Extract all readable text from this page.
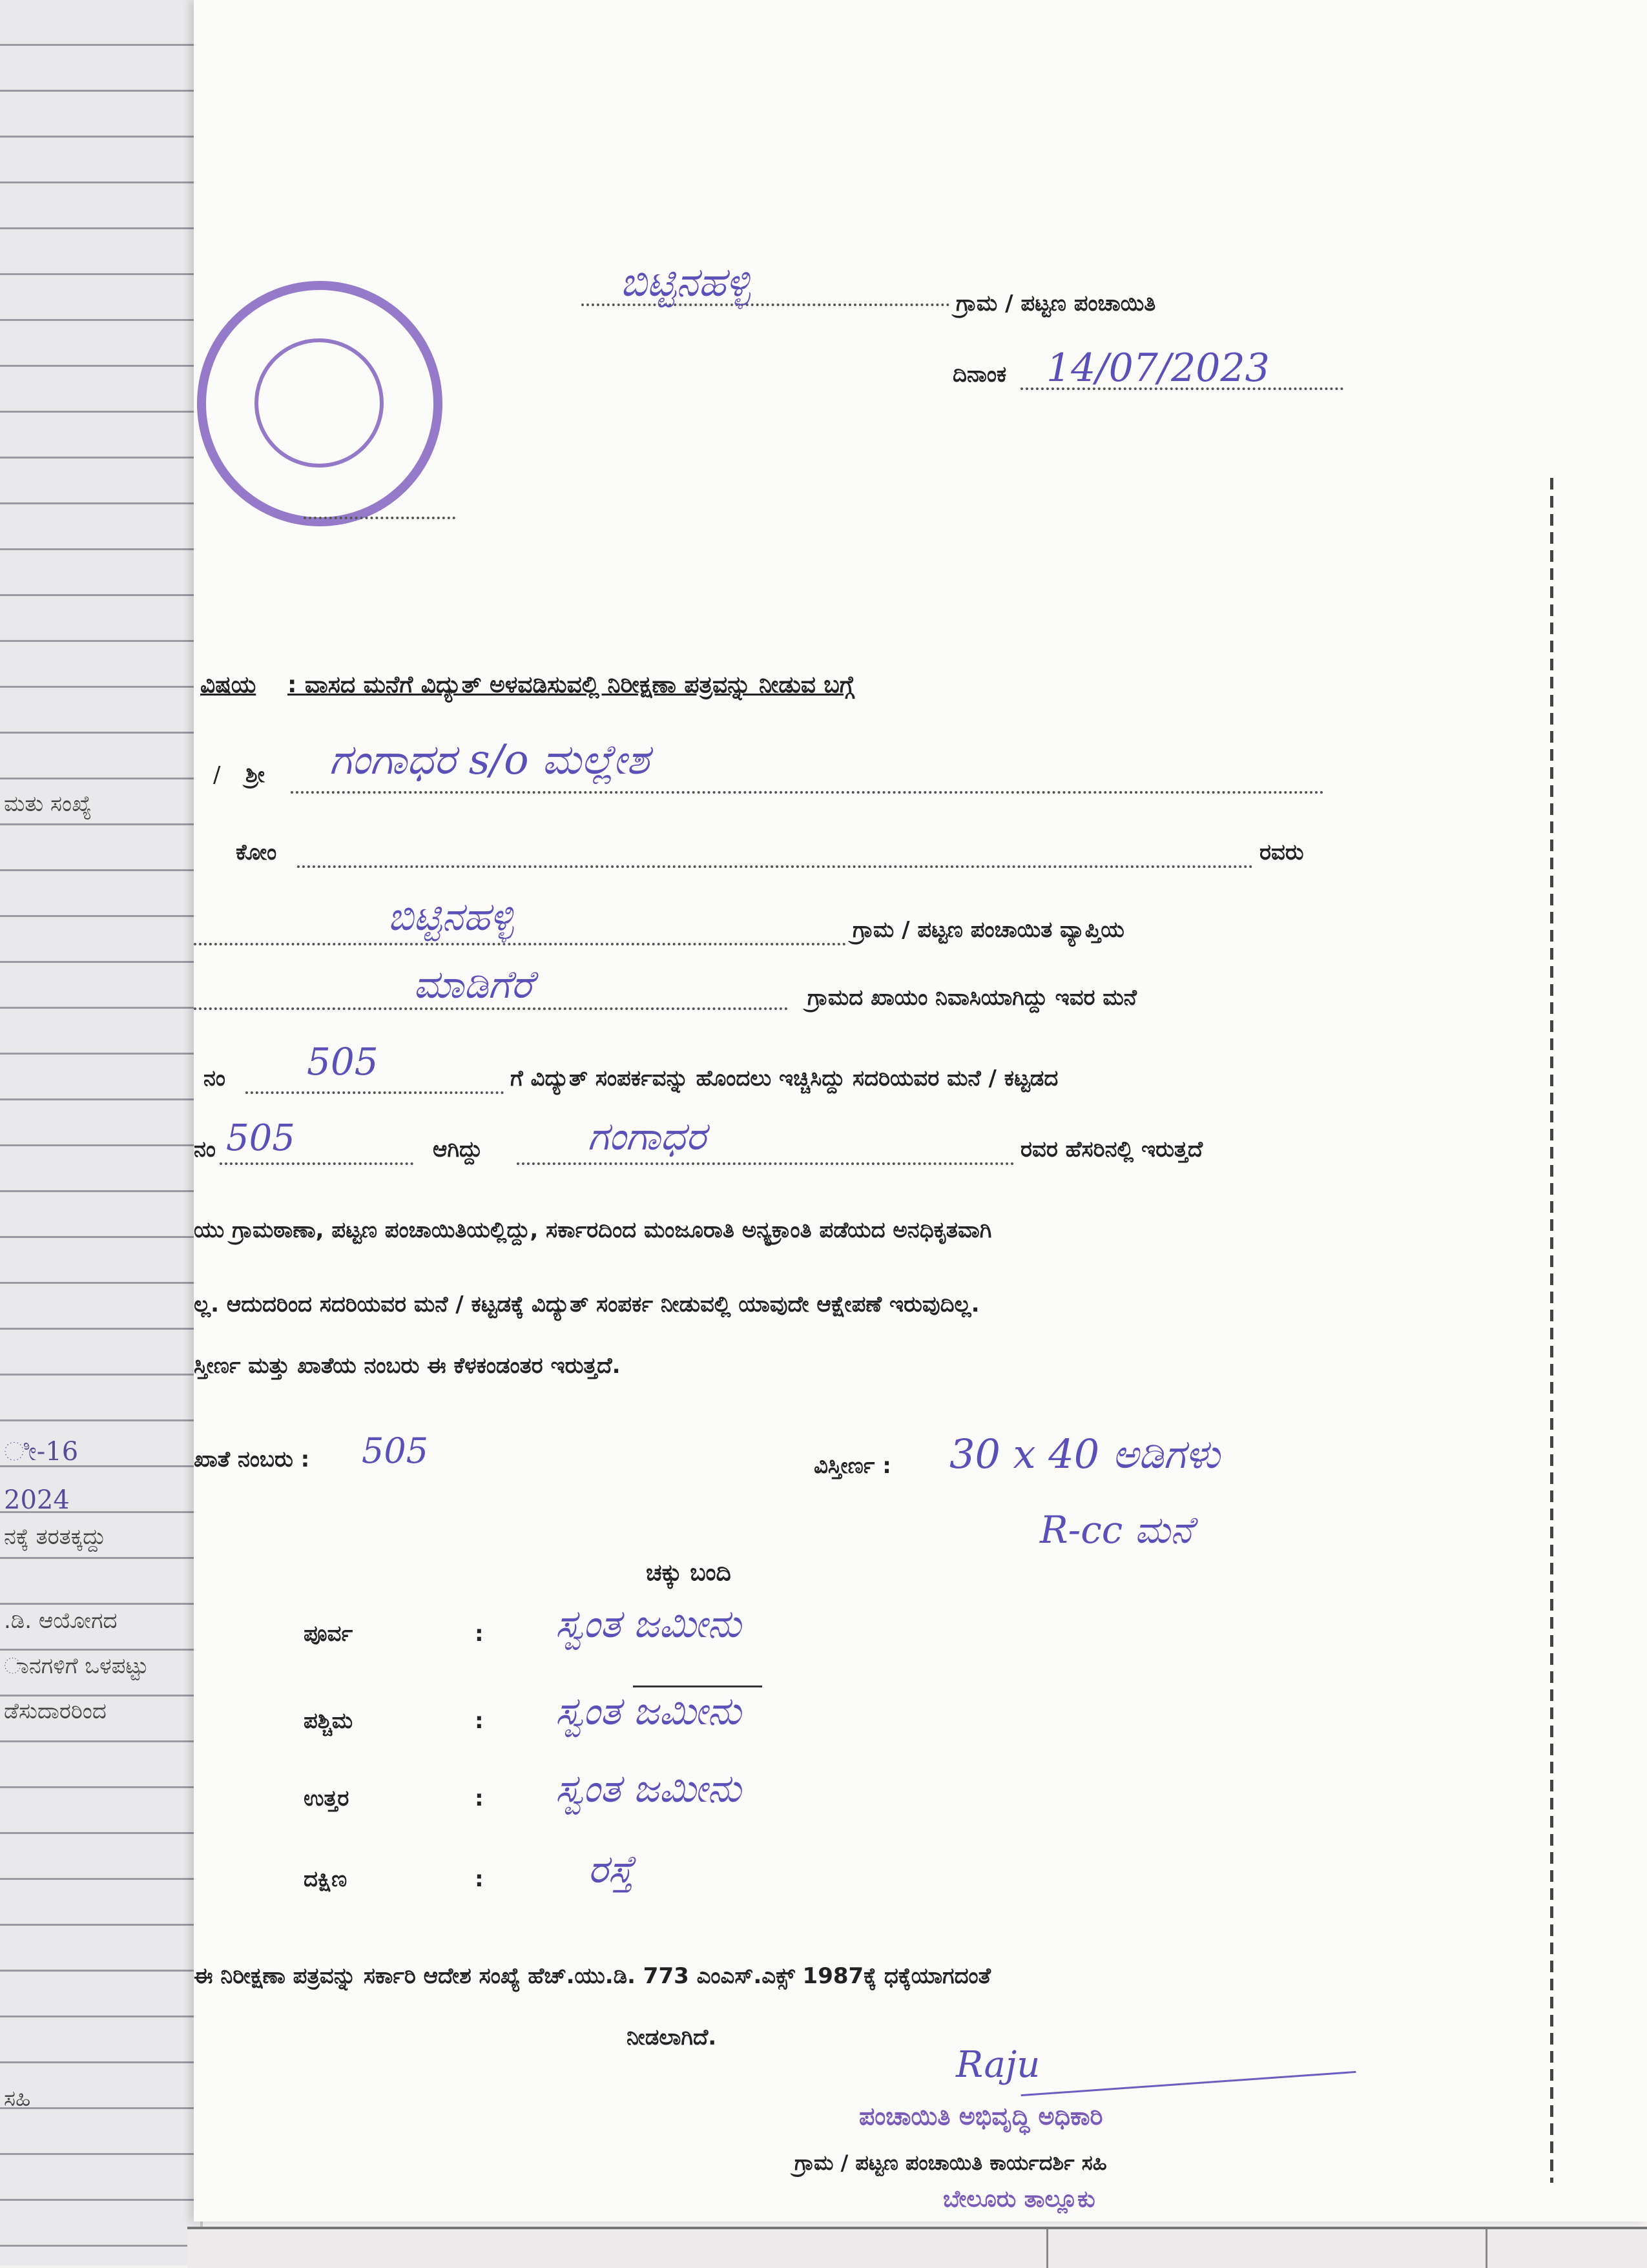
ಮತು ಸಂಖ್ಯೆ
ನಕ್ಕೆ ತರತಕ್ಕದ್ದು
.ಡಿ. ಆಯೋಗದ
ಾನಗಳಿಗೆ ಒಳಪಟ್ಟು
ಡೆಸುದಾರರಿಂದ
ಸಹಿ
ೀ-16
2024
ಬಿಟ್ಟಿನಹಳ್ಳಿ	ಗ್ರಾಮ / ಪಟ್ಟಣ ಪಂಚಾಯಿತಿ
ದಿನಾಂಕ 14/07/2023
ವಿಷಯ : ವಾಸದ ಮನೆಗೆ ವಿದ್ಯುತ್ ಅಳವಡಿಸುವಲ್ಲಿ ನಿರೀಕ್ಷಣಾ ಪತ್ರವನ್ನು ನೀಡುವ ಬಗ್ಗೆ
/ ಶ್ರೀ ಗಂಗಾಧರ s/o ಮಲ್ಲೇಶ
ಕೋಂ	ರವರು
ಬಿಟ್ಟಿನಹಳ್ಳಿ	ಗ್ರಾಮ / ಪಟ್ಟಣ ಪಂಚಾಯಿತ ವ್ಯಾಪ್ತಿಯ
ಮಾಡಿಗೆರೆ	ಗ್ರಾಮದ ಖಾಯಂ ನಿವಾಸಿಯಾಗಿದ್ದು ಇವರ ಮನೆ
ನಂ 505	ಗೆ ವಿದ್ಯುತ್ ಸಂಪರ್ಕವನ್ನು ಹೊಂದಲು ಇಚ್ಚಿಸಿದ್ದು ಸದರಿಯವರ ಮನೆ / ಕಟ್ಟಡದ
ನಂ 505	ಆಗಿದ್ದು	ಗಂಗಾಧರ	ರವರ ಹೆಸರಿನಲ್ಲಿ ಇರುತ್ತದೆ
ಯು ಗ್ರಾಮಠಾಣಾ, ಪಟ್ಟಣ ಪಂಚಾಯಿತಿಯಲ್ಲಿದ್ದು, ಸರ್ಕಾರದಿಂದ ಮಂಜೂರಾತಿ ಅನ್ಯಕ್ರಾಂತಿ ಪಡೆಯದ ಅನಧಿಕೃತವಾಗಿ
ಲ್ಲ. ಆದುದರಿಂದ ಸದರಿಯವರ ಮನೆ / ಕಟ್ಟಡಕ್ಕೆ ವಿದ್ಯುತ್ ಸಂಪರ್ಕ ನೀಡುವಲ್ಲಿ ಯಾವುದೇ ಆಕ್ಷೇಪಣೆ ಇರುವುದಿಲ್ಲ.
ಸ್ತೀರ್ಣ ಮತ್ತು ಖಾತೆಯ ನಂಬರು ಈ ಕೆಳಕಂಡಂತರ ಇರುತ್ತದೆ.
ಖಾತೆ ನಂಬರು : 505	ವಿಸ್ತೀರ್ಣ : 30 x 40 ಅಡಿಗಳು
R-cc ಮನೆ
ಚಕ್ಕು ಬಂದಿ
ಪೂರ್ವ	: ಸ್ವಂತ ಜಮೀನು
ಪಶ್ಚಿಮ	: ಸ್ವಂತ ಜಮೀನು
ಉತ್ತರ	: ಸ್ವಂತ ಜಮೀನು
ದಕ್ಷಿಣ	:	ರಸ್ತೆ
ಈ ನಿರೀಕ್ಷಣಾ ಪತ್ರವನ್ನು ಸರ್ಕಾರಿ ಆದೇಶ ಸಂಖ್ಯೆ ಹೆಚ್.ಯು.ಡಿ. 773 ಎಂಎಸ್.ಎಕ್ಸ್ 1987ಕ್ಕೆ ಧಕ್ಕೆಯಾಗದಂತೆ
ನೀಡಲಾಗಿದೆ.
Raju
ಪಂಚಾಯಿತಿ ಅಭಿವೃದ್ಧಿ ಅಧಿಕಾರಿ
ಗ್ರಾಮ / ಪಟ್ಟಣ ಪಂಚಾಯಿತಿ ಕಾರ್ಯದರ್ಶಿ ಸಹಿ
ಬೇಲೂರು ತಾಲ್ಲೂಕು
